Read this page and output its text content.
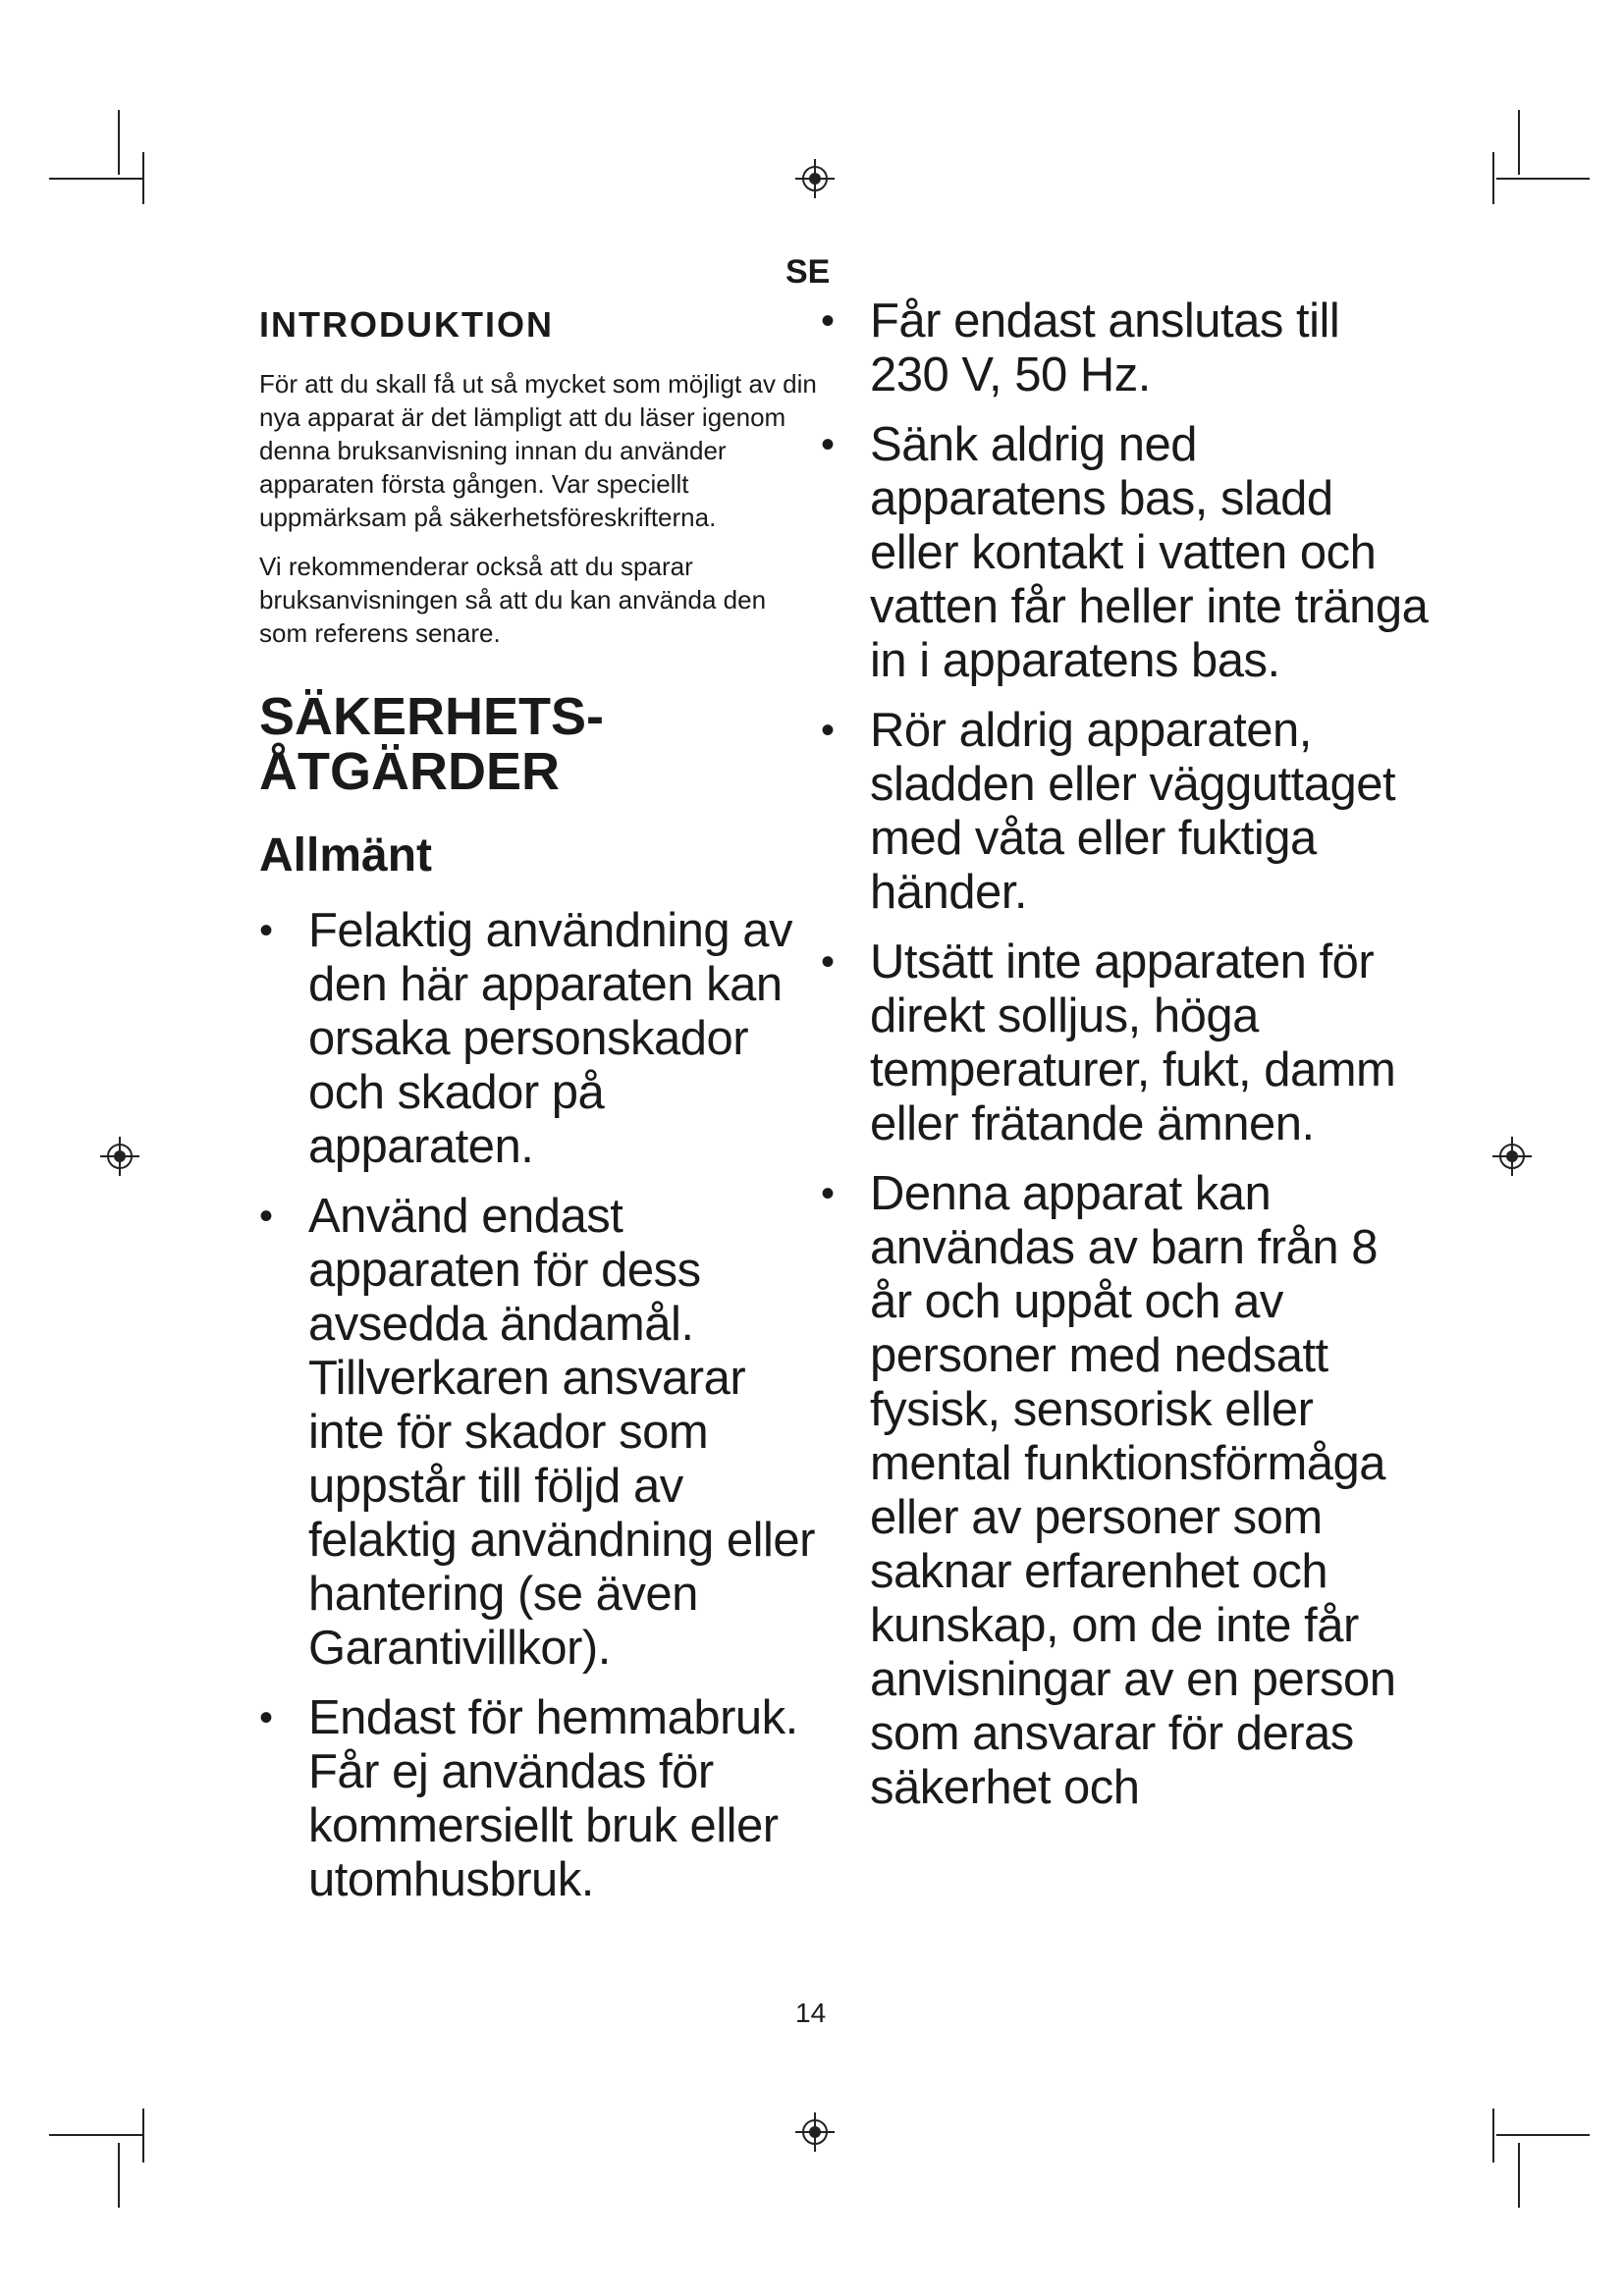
SE
INTRODUKTION

För att du skall få ut så mycket som möjligt av din nya apparat är det lämpligt att du läser igenom denna bruksanvisning innan du använder apparaten första gången. Var speciellt uppmärksam på säkerhetsföreskrifterna.

Vi rekommenderar också att du sparar bruksanvisningen så att du kan använda den som referens senare.

SÄKERHETS-
ÅTGÄRDER
Allmänt
• Felaktig användning av den här apparaten kan orsaka personskador och skador på apparaten.
• Använd endast apparaten för dess avsedda ändamål. Tillverkaren ansvarar inte för skador som uppstår till följd av felaktig användning eller hantering (se även Garantivillkor).
• Endast för hemmabruk. Får ej användas för kommersiellt bruk eller utomhusbruk.
• Får endast anslutas till 230 V, 50 Hz.
• Sänk aldrig ned apparatens bas, sladd eller kontakt i vatten och vatten får heller inte tränga in i apparatens bas.
• Rör aldrig apparaten, sladden eller vägguttaget med våta eller fuktiga händer.
• Utsätt inte apparaten för direkt solljus, höga temperaturer, fukt, damm eller frätande ämnen.
• Denna apparat kan användas av barn från 8 år och uppåt och av personer med nedsatt fysisk, sensorisk eller mental funktionsförmåga eller av personer som saknar erfarenhet och kunskap, om de inte får anvisningar av en person som ansvarar för deras säkerhet och
14
